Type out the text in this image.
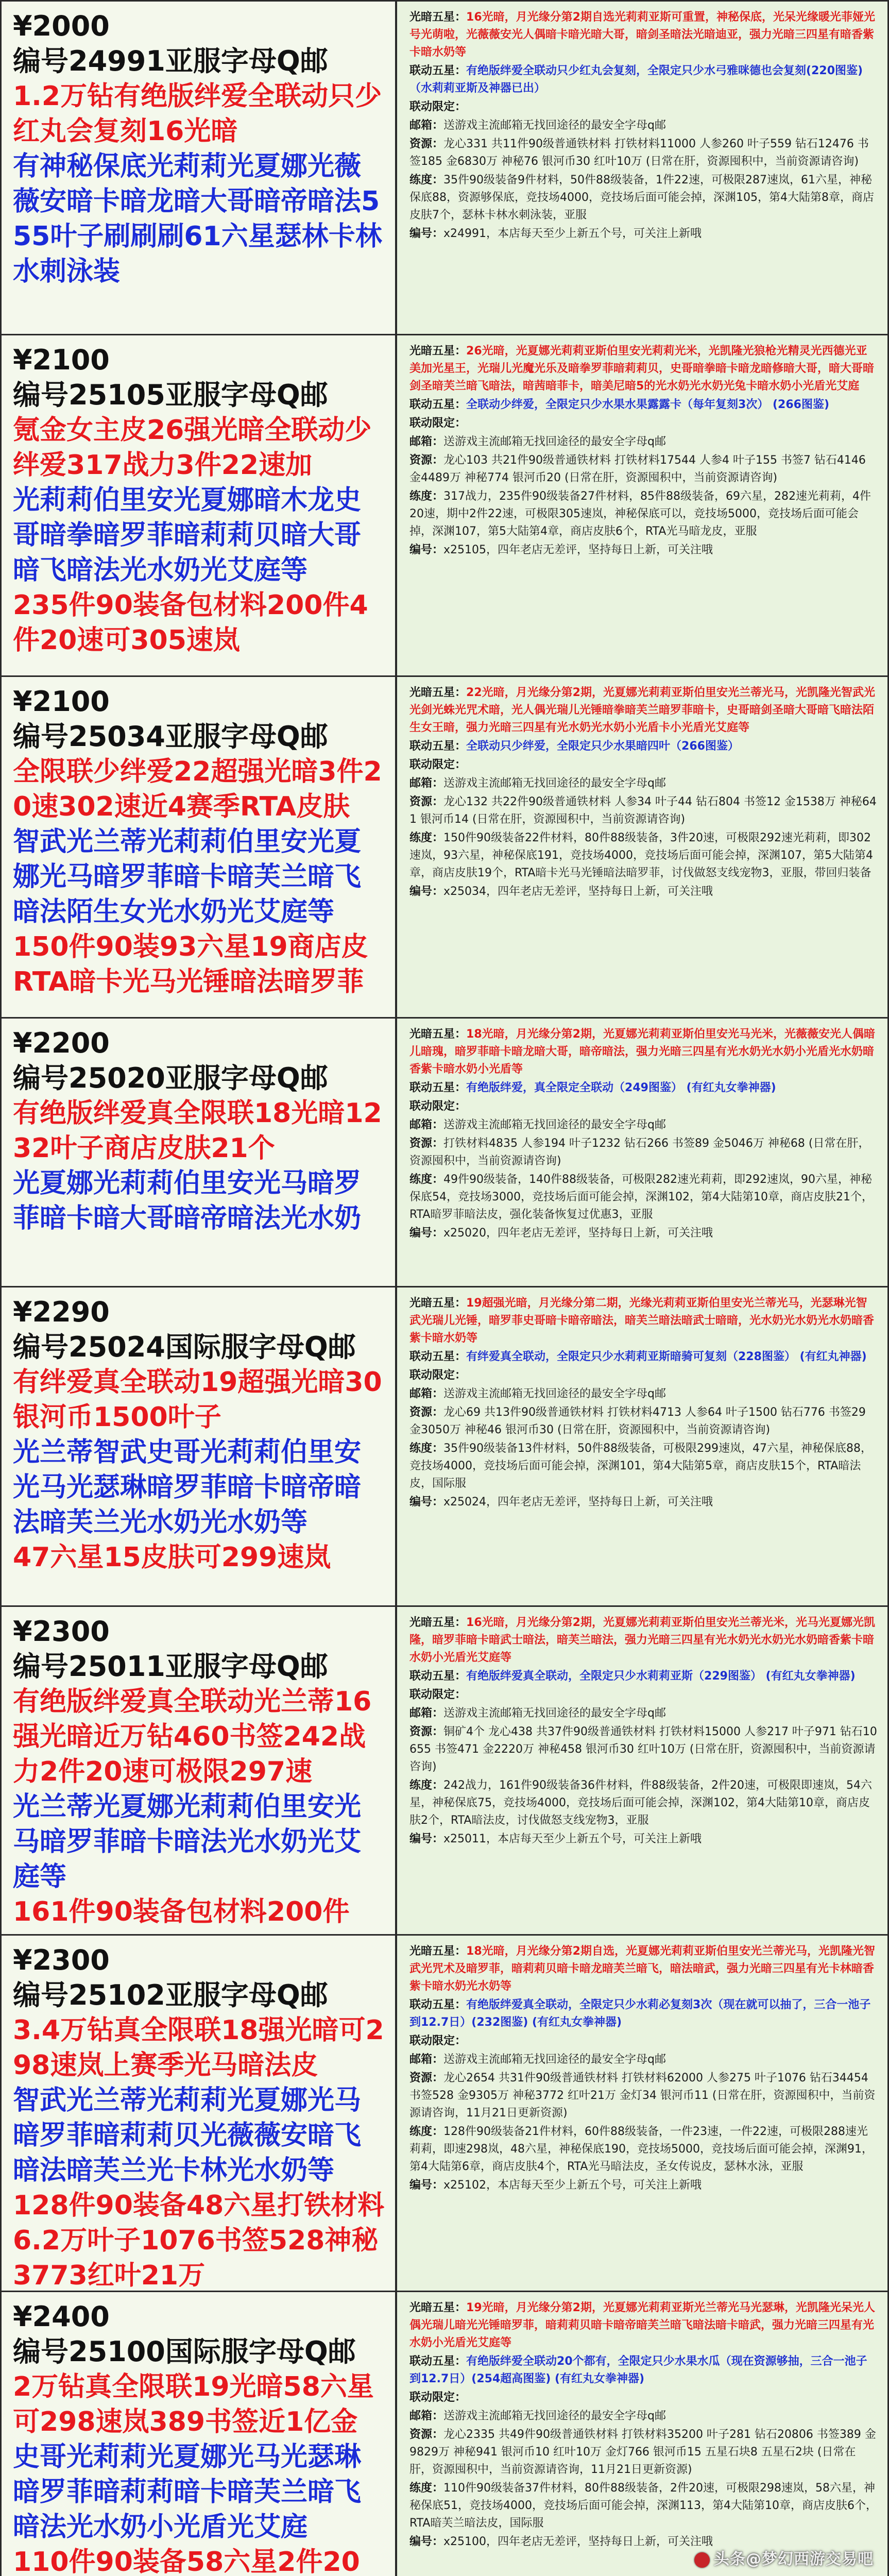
¥2000
编号24991亚服字母Q邮
1.2万钻有绝版绊爱全联动只少红丸会复刻16光暗
有神秘保底光莉莉光夏娜光薇薇安暗卡暗龙暗大哥暗帝暗法555叶子刷刷刷61六星瑟林卡林水刺泳装
光暗五星：16光暗，月光缘分第2期自选光莉莉亚斯可重置，神秘保底，光呆光缘暖光菲娅光号光萌啦，光薇薇安光人偶暗卡暗光暗大哥，暗剑圣暗法光暗迪亚，强力光暗三四星有暗香紫卡暗水奶等
联动五星：有绝版绊爱全联动只少红丸会复刻，全限定只少水弓雅咪德也会复刻(220图鉴) （水莉莉亚斯及神器已出）
联动限定：
邮箱：送游戏主流邮箱无找回途径的最安全字母q邮
资源：龙心331 共11件90级普通铁材料 打铁材料11000 人参260 叶子559 钻石12476 书签185 金6830万 神秘76 银河币30 红叶10万 (日常在肝，资源囤积中，当前资源请咨询)
练度：35件90级装备9件材料，50件88级装备，1件22速，可极限287速岚，61六星，神秘保底88，资源够保底，竞技场4000，竞技场后面可能会掉，深渊105，第4大陆第8章，商店皮肤7个，瑟林卡林水刺泳装，亚服
编号：x24991，本店每天至少上新五个号，可关注上新哦
¥2100
编号25105亚服字母Q邮
氪金女主皮26强光暗全联动少绊爱317战力3件22速加
光莉莉伯里安光夏娜暗木龙史哥暗拳暗罗菲暗莉莉贝暗大哥暗飞暗法光水奶光艾庭等
235件90装备包材料200件4件20速可305速岚
光暗五星：26光暗，光夏娜光莉莉亚斯伯里安光莉莉光米，光凯隆光狼枪光精灵光西德光亚美加光星王，光瑞儿光魔光乐及暗拳罗菲暗莉莉贝，史哥暗拳暗卡暗龙暗修暗大哥，暗大哥暗剑圣暗芙兰暗飞暗法，暗茜暗菲卡，暗美尼暗5的光水奶光水奶光兔卡暗水奶小光盾光艾庭
联动五星：全联动少绊爱，全限定只少水果水果露露卡（每年复刻3次） (266图鉴)
联动限定：
邮箱：送游戏主流邮箱无找回途径的最安全字母q邮
资源：龙心103 共21件90级普通铁材料 打铁材料17544 人参4 叶子155 书签7 钻石4146 金4489万 神秘774 银河币20 (日常在肝，资源囤积中，当前资源请咨询)
练度：317战力，235件90级装备27件材料，85件88级装备，69六星，282速光莉莉，4件20速，期中2件22速，可极限305速岚，神秘保底可以，竞技场5000，竞技场后面可能会掉，深渊107，第5大陆第4章，商店皮肤6个，RTA光马暗龙皮，亚服
编号：x25105，四年老店无差评，坚持每日上新，可关注哦
¥2100
编号25034亚服字母Q邮
全限联少绊爱22超强光暗3件20速302速近4赛季RTA皮肤
智武光兰蒂光莉莉伯里安光夏娜光马暗罗菲暗卡暗芙兰暗飞暗法陌生女光水奶光艾庭等
150件90装93六星19商店皮RTA暗卡光马光锤暗法暗罗菲
光暗五星：22光暗，月光缘分第2期，光夏娜光莉莉亚斯伯里安光兰蒂光马，光凯隆光智武光光剑光蛛光咒术暗，光人偶光瑞儿光锤暗拳暗芙兰暗罗菲暗卡，史哥暗剑圣暗大哥暗飞暗法陌生女王暗，强力光暗三四星有光水奶光水奶小光盾卡小光盾光艾庭等
联动五星：全联动只少绊爱，全限定只少水果暗四叶（266图鉴）
联动限定：
邮箱：送游戏主流邮箱无找回途径的最安全字母q邮
资源：龙心132 共22件90级普通铁材料 人参34 叶子44 钻石804 书签12 金1538万 神秘641 银河币14 (日常在肝，资源囤积中，当前资源请咨询)
练度：150件90级装备22件材料，80件88级装备，3件20速，可极限292速光莉莉，即302速岚，93六星，神秘保底191，竞技场4000，竞技场后面可能会掉，深渊107，第5大陆第4章，商店皮肤19个，RTA暗卡光马光锤暗法暗罗菲，讨伐做怒支线宠物3，亚服，带回归装备
编号：x25034，四年老店无差评，坚持每日上新，可关注哦
¥2200
编号25020亚服字母Q邮
有绝版绊爱真全限联18光暗1232叶子商店皮肤21个
光夏娜光莉莉伯里安光马暗罗菲暗卡暗大哥暗帝暗法光水奶
光暗五星：18光暗，月光缘分第2期，光夏娜光莉莉亚斯伯里安光马光米，光薇薇安光人偶暗儿暗瑰，暗罗菲暗卡暗龙暗大哥，暗帝暗法，强力光暗三四星有光水奶光水奶小光盾光水奶暗香紫卡暗水奶小光盾等
联动五星：有绝版绊爱，真全限定全联动（249图鉴） (有红丸女拳神器)
联动限定：
邮箱：送游戏主流邮箱无找回途径的最安全字母q邮
资源：打铁材料4835 人参194 叶子1232 钻石266 书签89 金5046万 神秘68 (日常在肝，资源囤积中，当前资源请咨询)
练度：49件90级装备，140件88级装备，可极限282速光莉莉，即292速岚，90六星，神秘保底54，竞技场3000，竞技场后面可能会掉，深渊102，第4大陆第10章，商店皮肤21个，RTA暗罗菲暗法皮，强化装备恢复过优惠3，亚服
编号：x25020，四年老店无差评，坚持每日上新，可关注哦
¥2290
编号25024国际服字母Q邮
有绊爱真全联动19超强光暗30银河币1500叶子
光兰蒂智武史哥光莉莉伯里安光马光瑟琳暗罗菲暗卡暗帝暗法暗芙兰光水奶光水奶等
47六星15皮肤可299速岚
光暗五星：19超强光暗，月光缘分第二期，光缘光莉莉亚斯伯里安光兰蒂光马，光瑟琳光智武光瑞儿光锤，暗罗菲史哥暗卡暗帝暗法，暗芙兰暗法暗武士暗暗，光水奶光水奶光水奶暗香紫卡暗水奶等
联动五星：有绊爱真全联动，全限定只少水莉莉亚斯暗骑可复刻（228图鉴） (有红丸神器)
联动限定：
邮箱：送游戏主流邮箱无找回途径的最安全字母q邮
资源：龙心69 共13件90级普通铁材料 打铁材料4713 人参64 叶子1500 钻石776 书签29 金3050万 神秘46 银河币30 (日常在肝，资源囤积中，当前资源请咨询)
练度：35件90级装备13件材料，50件88级装备，可极限299速岚，47六星，神秘保底88，竞技场4000，竞技场后面可能会掉，深渊101，第4大陆第5章，商店皮肤15个，RTA暗法皮，国际服
编号：x25024，四年老店无差评，坚持每日上新，可关注哦
¥2300
编号25011亚服字母Q邮
有绝版绊爱真全联动光兰蒂16强光暗近万钻460书签242战力2件20速可极限297速
光兰蒂光夏娜光莉莉伯里安光马暗罗菲暗卡暗法光水奶光艾庭等
161件90装备包材料200件
光暗五星：16光暗，月光缘分第2期，光夏娜光莉莉亚斯伯里安光兰蒂光米，光马光夏娜光凯隆，暗罗菲暗卡暗武士暗法，暗芙兰暗法，强力光暗三四星有光水奶光水奶光水奶暗香紫卡暗水奶小光盾光艾庭等
联动五星：有绝版绊爱真全联动，全限定只少水莉莉亚斯（229图鉴） (有红丸女拳神器)
联动限定：
邮箱：送游戏主流邮箱无找回途径的最安全字母q邮
资源：铜矿4个 龙心438 共37件90级普通铁材料 打铁材料15000 人参217 叶子971 钻石10655 书签471 金2220万 神秘458 银河币30 红叶10万 (日常在肝，资源囤积中，当前资源请咨询)
练度：242战力，161件90级装备36件材料，件88级装备，2件20速，可极限即速岚，54六星，神秘保底75，竞技场4000，竞技场后面可能会掉，深渊102，第4大陆第10章，商店皮肤2个，RTA暗法皮，讨伐做怒支线宠物3，亚服
编号：x25011，本店每天至少上新五个号，可关注上新哦
¥2300
编号25102亚服字母Q邮
3.4万钻真全限联18强光暗可298速岚上赛季光马暗法皮
智武光兰蒂光莉莉光夏娜光马暗罗菲暗莉莉贝光薇薇安暗飞暗法暗芙兰光卡林光水奶等
128件90装备48六星打铁材料6.2万叶子1076书签528神秘3773红叶21万
光暗五星：18光暗，月光缘分第2期自选，光夏娜光莉莉亚斯伯里安光兰蒂光马，光凯隆光智武光咒术及暗罗菲，暗莉莉贝暗卡暗龙暗芙兰暗飞，暗法暗武，强力光暗三四星有光卡林暗香紫卡暗水奶光水奶等
联动五星：有绝版绊爱真全联动，全限定只少水莉必复刻3次（现在就可以抽了，三合一池子到12.7日）(232图鉴) (有红丸女拳神器)
联动限定：
邮箱：送游戏主流邮箱无找回途径的最安全字母q邮
资源：龙心2654 共31件90级普通铁材料 打铁材料62000 人参275 叶子1076 钻石34454 书签528 金9305万 神秘3772 红叶21万 金灯34 银河币11 (日常在肝，资源囤积中，当前资源请咨询，11月21日更新资源)
练度：128件90级装备21件材料，60件88级装备，一件23速，一件22速，可极限288速光莉莉，即速298岚，48六星，神秘保底190，竞技场5000，竞技场后面可能会掉，深渊91，第4大陆第6章，商店皮肤4个，RTA光马暗法皮，圣女传说皮，瑟林水泳，亚服
编号：x25102，本店每天至少上新五个号，可关注上新哦
¥2400
编号25100国际服字母Q邮
2万钻真全限联19光暗58六星可298速岚389书签近1亿金
史哥光莉莉光夏娜光马光瑟琳暗罗菲暗莉莉暗卡暗芙兰暗飞暗法光水奶小光盾光艾庭
110件90装备58六星2件20
光暗五星：19光暗，月光缘分第2期，光夏娜光莉莉亚斯光兰蒂光马光瑟琳，光凯隆光呆光人偶光瑞儿暗光光锤暗罗菲，暗莉莉贝暗卡暗帝暗芙兰暗飞暗法暗卡暗武，强力光暗三四星有光水奶小光盾光艾庭等
联动五星：有绝版绊爱全联动20个都有，全限定只少水果水瓜（现在资源够抽，三合一池子到12.7日）(254超高图鉴) (有红丸女拳神器)
联动限定：
邮箱：送游戏主流邮箱无找回途径的最安全字母q邮
资源：龙心2335 共49件90级普通铁材料 打铁材料35200 叶子281 钻石20806 书签389 金9829万 神秘941 银河币10 红叶10万 金灯766 银河币15 五星石块8 五星石2块 (日常在肝，资源囤积中，当前资源请咨询，11月21日更新资源)
练度：110件90级装备37件材料，80件88级装备，2件20速，可极限298速岚，58六星，神秘保底51，竞技场4000，竞技场后面可能会掉，深渊113，第4大陆第10章，商店皮肤6个，RTA暗芙兰暗法皮，国际服
编号：x25100，四年老店无差评，坚持每日上新，可关注哦
头条@梦幻西游交易吧
